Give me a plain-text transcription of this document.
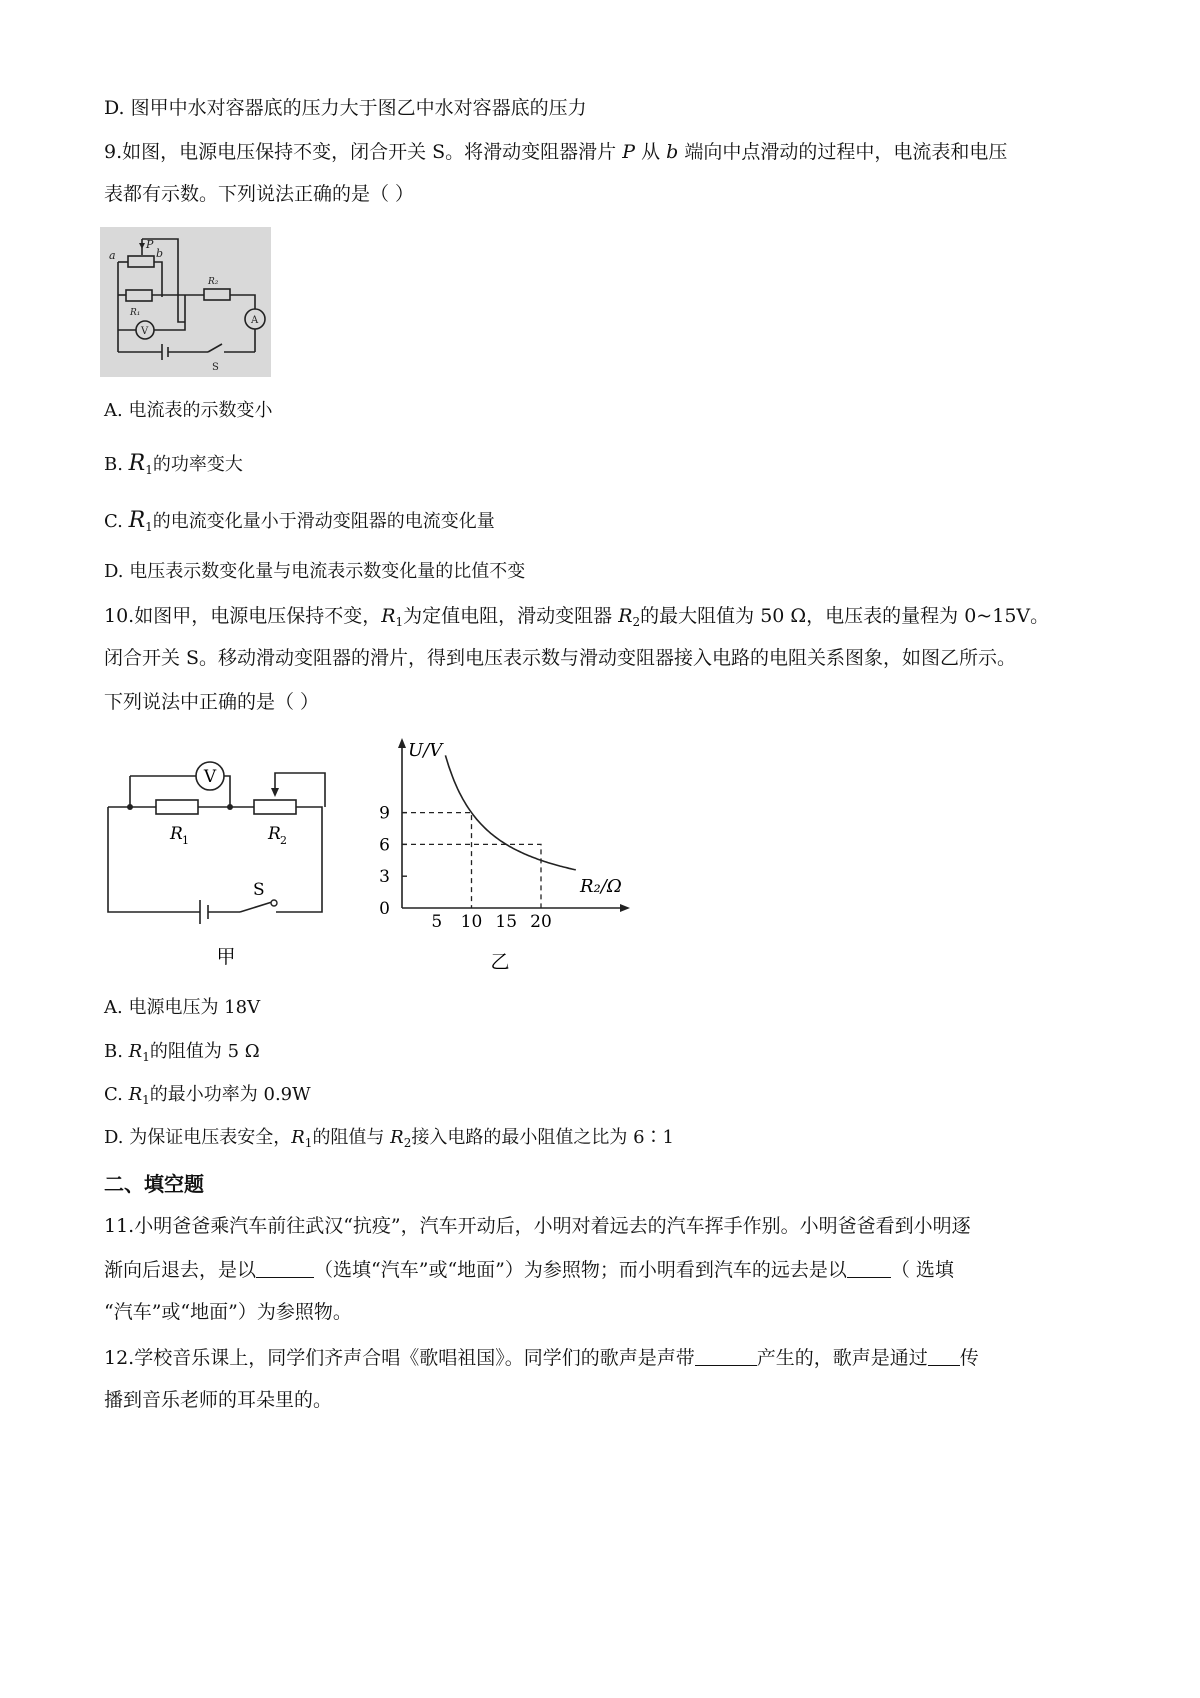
D. 图甲中水对容器底的压力大于图乙中水对容器底的压力
9.如图，电源电压保持不变，闭合开关 S。将滑动变阻器滑片 P 从 b 端向中点滑动的过程中，电流表和电压
表都有示数。下列说法正确的是（ ）
a
P
b
R₂
R₁
V
A
S
A. 电流表的示数变小
B. $R_1$的功率变大
C. $R_1$的电流变化量小于滑动变阻器的电流变化量
D. 电压表示数变化量与电流表示数变化量的比值不变
10.如图甲，电源电压保持不变，$R_1$为定值电阻，滑动变阻器 $R_2$的最大阻值为 50 Ω，电压表的量程为 0~15V。
闭合开关 S。移动滑动变阻器的滑片，得到电压表示数与滑动变阻器接入电路的电阻关系图象，如图乙所示。
下列说法中正确的是（ ）
V
R 1	R 2
S
甲
U/V
R₂/Ω
0
5 10 15 20
9
6
3
乙
A. 电源电压为 18V
B. $R_1$的阻值为 5 Ω
C. $R_1$的最小功率为 0.9W
D. 为保证电压表安全，$R_1$的阻值与 $R_2$接入电路的最小阻值之比为 6∶1
二、填空题
11.小明爸爸乘汽车前往武汉“抗疫”，汽车开动后，小明对着远去的汽车挥手作别。小明爸爸看到小明逐
渐向后退去，是以	（选填“汽车”或“地面”）为参照物；而小明看到汽车的远去是以 （ 选填
“汽车”或“地面”）为参照物。
12.学校音乐课上，同学们齐声合唱《歌唱祖国》。同学们的歌声是声带	产生的，歌声是通过 传
播到音乐老师的耳朵里的。
